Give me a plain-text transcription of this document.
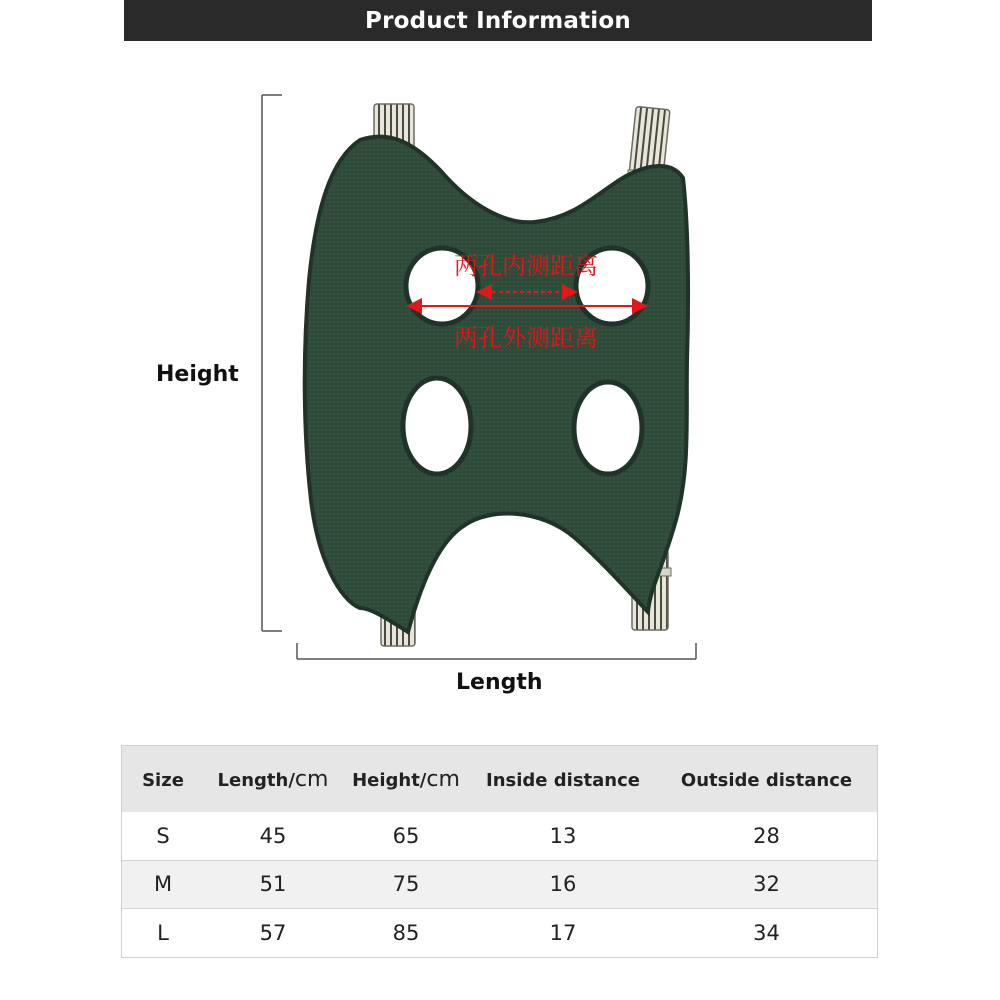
Product Information
两孔内测距离
两孔外测距离
Height
Length
Size	Length/cm	Height/cm	Inside distance	Outside distance
S	45	65	13	28
M	51	75	16	32
L	57	85	17	34
